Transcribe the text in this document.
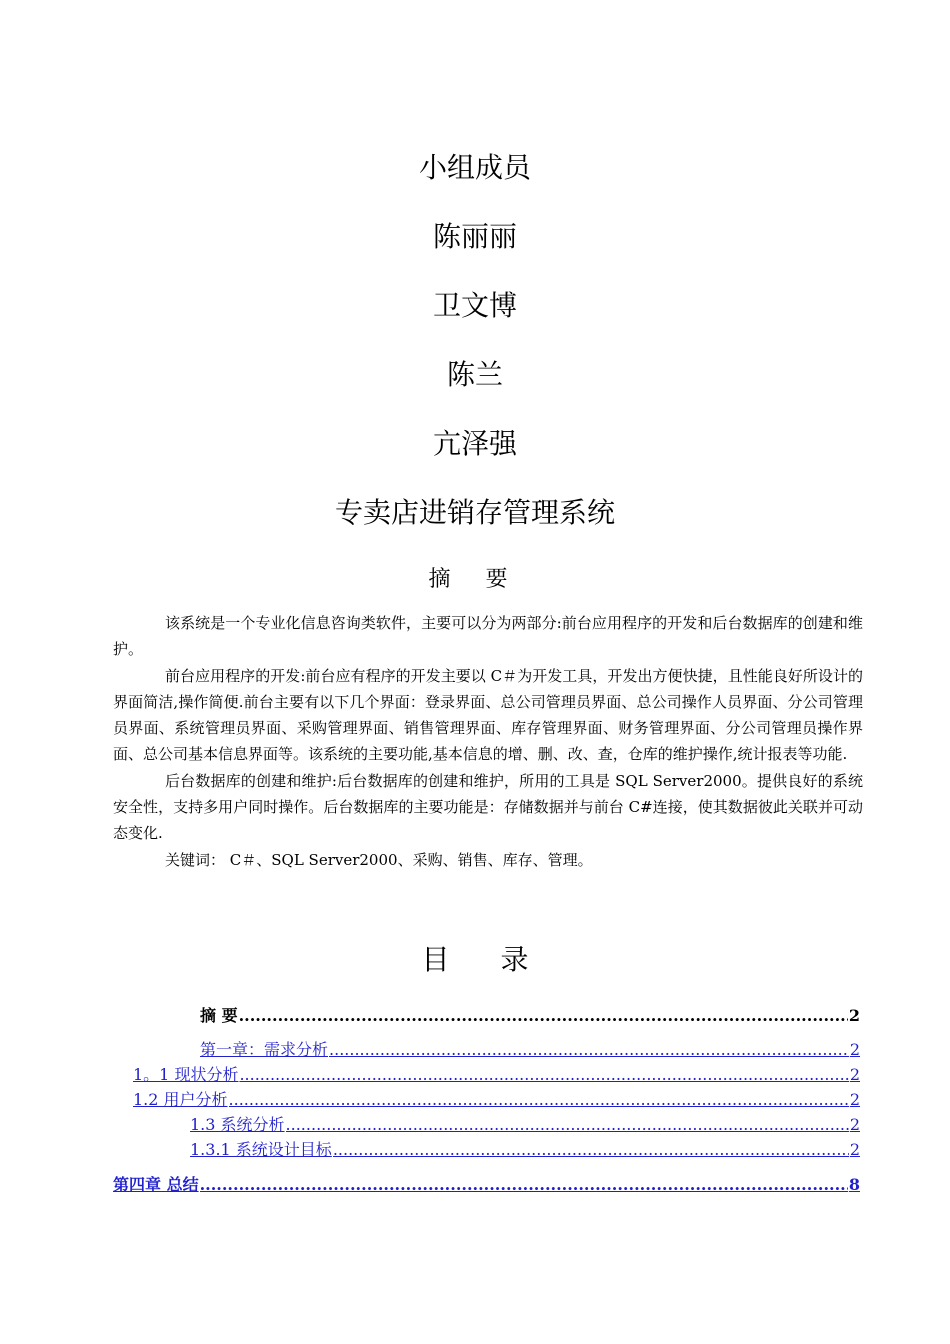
小组成员
陈丽丽
卫文博
陈兰
亢泽强
专卖店进销存管理系统
摘 要

该系统是一个专业化信息咨询类软件，主要可以分为两部分:前台应用程序的开发和后台数据库的创建和维护。

前台应用程序的开发:前台应有程序的开发主要以 C＃为开发工具，开发出方便快捷，且性能良好所设计的界面简洁,操作简便.前台主要有以下几个界面：登录界面、总公司管理员界面、总公司操作人员界面、分公司管理员界面、系统管理员界面、采购管理界面、销售管理界面、库存管理界面、财务管理界面、分公司管理员操作界面、总公司基本信息界面等。该系统的主要功能,基本信息的增、删、改、查，仓库的维护操作,统计报表等功能.

后台数据库的创建和维护:后台数据库的创建和维护，所用的工具是 SQL Server2000。提供良好的系统安全性，支持多用户同时操作。后台数据库的主要功能是：存储数据并与前台 C#连接，使其数据彼此关联并可动态变化.

关键词： C＃、SQL Server2000、采购、销售、库存、管理。

目 录
摘 要 .....	2
第一章：需求分析 .....	2
1。1 现状分析 .....	2
1.2 用户分析 .....	2
1.3 系统分析 .....	2
1.3.1 系统设计目标 .....	2
第四章 总结 .....	8
